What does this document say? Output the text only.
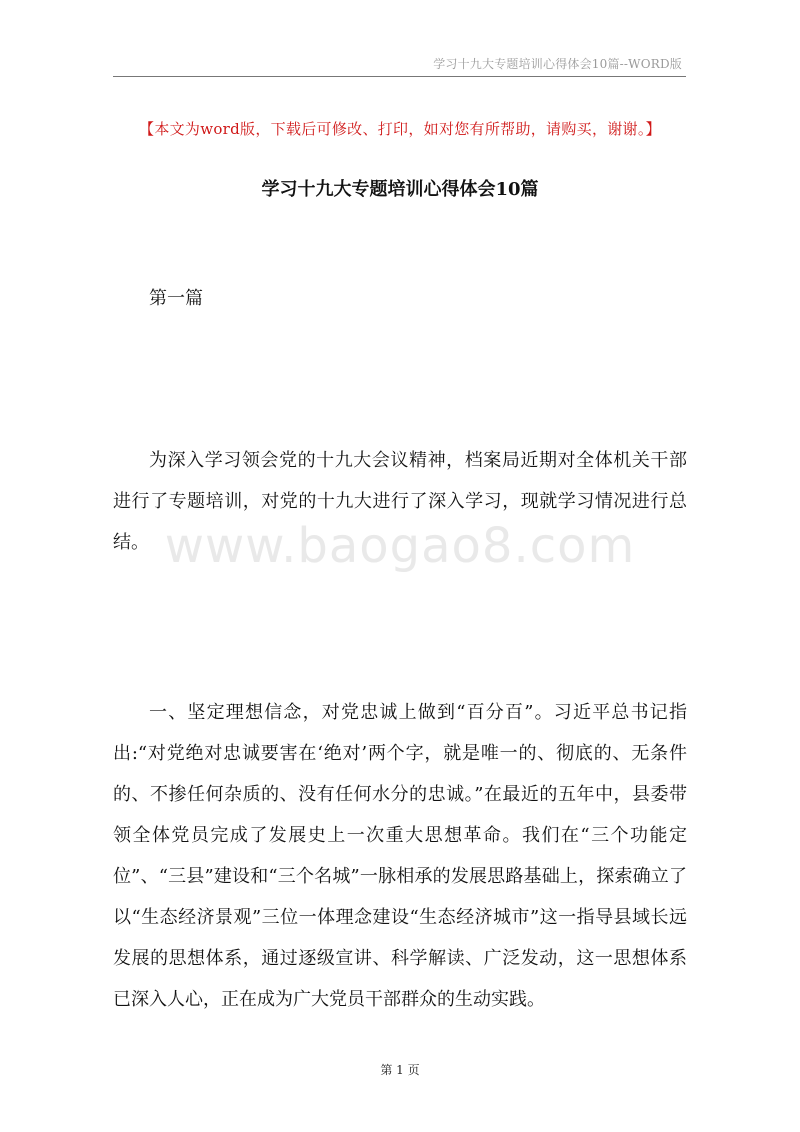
学习十九大专题培训心得体会10篇--WORD版
【本文为word版，下载后可修改、打印，如对您有所帮助，请购买，谢谢。】
学习十九大专题培训心得体会10篇
第一篇
为深入学习领会党的十九大会议精神，档案局近期对全体机关干部进行了专题培训，对党的十九大进行了深入学习，现就学习情况进行总结。 www.baogao8.com
一、坚定理想信念，对党忠诚上做到“百分百”。习近平总书记指出:“对党绝对忠诚要害在‘绝对’两个字，就是唯一的、彻底的、无条件的、不掺任何杂质的、没有任何水分的忠诚。”在最近的五年中，县委带领全体党员完成了发展史上一次重大思想革命。我们在“三个功能定位”、“三县”建设和“三个名城”一脉相承的发展思路基础上，探索确立了以“生态经济景观”三位一体理念建设“生态经济城市”这一指导县域长远发展的思想体系，通过逐级宣讲、科学解读、广泛发动，这一思想体系已深入人心，正在成为广大党员干部群众的生动实践。
第 1 页
